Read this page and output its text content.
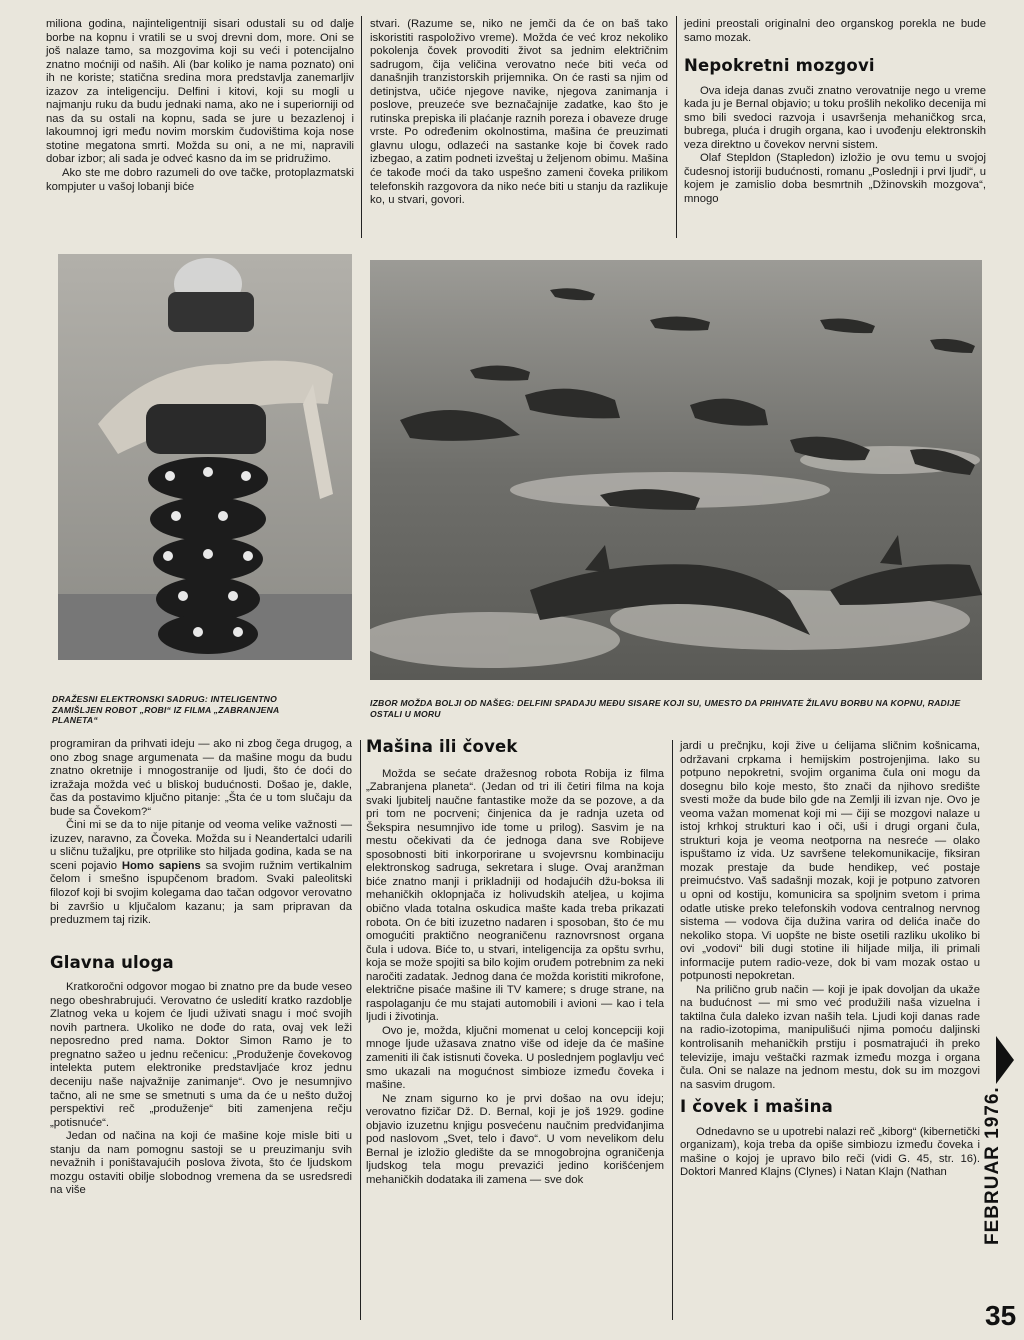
miliona godina, najinteligentniji sisari odustali su od dalje borbe na kopnu i vratili se u svoj drevni dom, more. Oni se još nalaze tamo, sa mozgovima koji su veći i potencijalno znatno moćniji od naših. Ali (bar koliko je nama poznato) oni ih ne koriste; statična sredina mora predstavlja zanemarljiv izazov za inteligenciju. Delfini i kitovi, koji su mogli u najmanju ruku da budu jednaki nama, ako ne i superiorniji od nas da su ostali na kopnu, sada se jure u bezazlenoj i lakoumnoj igri među novim morskim čudovištima koja nose stotine megatona smrti. Možda su oni, a ne mi, napravili dobar izbor; ali sada je odveć kasno da im se pridružimo.

Ako ste me dobro razumeli do ove tačke, protoplazmatski kompjuter u vašoj lobanji biće

stvari. (Razume se, niko ne jemči da će on baš tako iskoristiti raspoloživo vreme). Možda će već kroz nekoliko pokolenja čovek provoditi život sa jednim električnim sadrugom, čija veličina verovatno neće biti veća od današnjih tranzistorskih prijemnika. On će rasti sa njim od detinjstva, učiće njegove navike, njegova zanimanja i poslove, preuzeće sve beznačajnije zadatke, kao što je rutinska prepiska ili plaćanje raznih poreza i obaveze druge vrste. Po određenim okolnostima, mašina će preuzimati glavnu ulogu, odlazeći na sastanke koje bi čovek rado izbegao, a zatim podneti izveštaj u željenom obimu. Mašina će takođe moći da tako uspešno zameni čoveka prilikom telefonskih razgovora da niko neće biti u stanju da razlikuje ko, u stvari, govori.

jedini preostali originalni deo organskog porekla ne bude samo mozak.

Nepokretni mozgovi

Ova ideja danas zvuči znatno verovatnije nego u vreme kada ju je Bernal objavio; u toku prošlih nekoliko decenija mi smo bili svedoci razvoja i usavršenja mehaničkog srca, bubrega, pluća i drugih organa, kao i uvođenju elektronskih veza direktno u čovekov nervni sistem.

Olaf Stepldon (Stapledon) izložio je ovu temu u svojoj čudesnoj istoriji budućnosti, romanu „Poslednji i prvi ljudi“, u kojem je zamislio doba besmrtnih „Džinovskih mozgova“, mnogo

DRAŽESNI ELEKTRONSKI SADRUG: INTELIGENTNO ZAMIŠLJEN ROBOT „ROBI“ IZ FILMA „ZABRANJENA PLANETA“
IZBOR MOŽDA BOLJI OD NAŠEG: DELFINI SPADAJU MEĐU SISARE KOJI SU, UMESTO DA PRIHVATE ŽILAVU BORBU NA KOPNU, RADIJE OSTALI U MORU

programiran da prihvati ideju — ako ni zbog čega drugog, a ono zbog snage argumenata — da mašine mogu da budu znatno okretnije i mnogostranije od ljudi, što će doći do izražaja možda već u bliskoj budućnosti. Došao je, dakle, čas da postavimo ključno pitanje: „Šta će u tom slučaju da bude sa Čovekom?“

Čini mi se da to nije pitanje od veoma velike važnosti — izuzev, naravno, za Čoveka. Možda su i Neandertalci udarili u sličnu tužaljku, pre otprilike sto hiljada godina, kada se na sceni pojavio Homo sapiens sa svojim ružnim vertikalnim čelom i smešno ispupčenom bradom. Svaki paleolitski filozof koji bi svojim kolegama dao tačan odgovor verovatno bi završio u ključalom kazanu; ja sam pripravan da preduzmem taj rizik.

Glavna uloga

Kratkoročni odgovor mogao bi znatno pre da bude veseo nego obeshrabrujući. Verovatno će usledití kratko razdoblje Zlatnog veka u kojem će ljudi uživati snagu i moć svojih novih partnera. Ukoliko ne dođe do rata, ovaj vek leži neposredno pred nama. Doktor Simon Ramo je to pregnatno sažeo u jednu rečenicu: „Produženje čovekovog intelekta putem elektronike predstavljaće kroz jednu deceniju naše najvažnije zanimanje“. Ovo je nesumnjivo tačno, ali ne sme se smetnuti s uma da će u nešto dužoj perspektivi reč „produženje“ biti zamenjena rečju „potisnuće“.

Jedan od načina na koji će mašine koje misle biti u stanju da nam pomognu sastoji se u preuzimanju svih nevažnih i poništavajućih poslova života, što će ljudskom mozgu ostaviti obilje slobodnog vremena da se usredsredi na više

Mašina ili čovek

Možda se sećate dražesnog robota Robija iz filma „Zabranjena planeta“. (Jedan od tri ili četiri filma na koja svaki ljubitelj naučne fantastike može da se pozove, a da pri tom ne pocrveni; činjenica da je radnja uzeta od Šekspira nesumnjivo ide tome u prilog). Sasvim je na mestu očekivati da će jednoga dana sve Robijeve sposobnosti biti inkorporirane u svojevrsnu kombinaciju elektronskog sadruga, sekretara i sluge. Ovaj aranžman biće znatno manji i prikladniji od hodajućih džu-boksa ili mehaničkih oklopnjača iz holivudskih ateljea, u kojima obično vlada totalna oskudica mašte kada treba prikazati robota. On će biti izuzetno nadaren i sposoban, što će mu omogućiti praktično neograničenu raznovrsnost organa čula i udova. Biće to, u stvari, inteligencija za opštu svrhu, koja se može spojiti sa bilo kojim oruđem potrebnim za neki naročiti zadatak. Jednog dana će možda koristiti mikrofone, električne pisaće mašine ili TV kamere; s druge strane, na raspolaganju će mu stajati automobili i avioni — kao i tela ljudi i životinja.

Ovo je, možda, ključni momenat u celoj koncepciji koji mnoge ljude užasava znatno više od ideje da će mašine zameniti ili čak istisnuti čoveka. U poslednjem poglavlju već smo ukazali na mogućnost simbioze između čoveka i mašine.

Ne znam sigurno ko je prvi došao na ovu ideju; verovatno fizičar Dž. D. Bernal, koji je još 1929. godine objavio izuzetnu knjigu posvećenu naučnim predviđanjima pod naslovom „Svet, telo i đavo“. U vom nevelikom delu Bernal je izložio gledište da se mnogobrojna ograničenja ljudskog tela mogu prevazići jedino korišćenjem mehaničkih dodataka ili zamena — sve dok

jardi u prečnjku, koji živе u ćelijama sličnim košnicama, održavani crpkama i hemijskim postrojenjima. Iako su potpuno nepokretni, svojim organima čula oni mogu da dosegnu bilo koje mesto, što znači da njihovo središte svesti može da bude bilo gde na Zemlji ili izvan nje. Ovo je veoma važan momenat koji mi — čiji se mozgovi nalaze u istoj krhkoj strukturi kao i oči, uši i drugi organi čula, strukturi koja je veoma neotporna na nesreće — olako ispuštamo iz vida. Uz savršene telekomunikacije, fiksiran mozak prestaje da bude hendikep, već postaje preimućstvo. Vaš sadašnji mozak, koji je potpuno zatvoren u opni od kostiju, komunicira sa spoljnim svetom i prima odatle utiske preko telefonskih vodova centralnog nervnog sistema — vodova čija dužina varira od delića inače do nekoliko stopa. Vi uopšte ne biste osetili razliku ukoliko bi ovi „vodovi“ bili dugi stotine ili hiljade milja, ili primali informacije putem radio-veze, dok bi vam mozak ostao u potpunosti nepokretan.

Na prilično grub način — koji je ipak dovoljan da ukaže na budućnost — mi smo već produžili naša vizuelna i taktilna čula daleko izvan naših tela. Ljudi koji danas rade na radio-izotopima, manipulišući njima pomoću daljinski kontrolisanih mehaničkih prstiju i posmatrajući ih preko televizije, imaju veštački razmak između mozga i organa čula. Oni se nalaze na jednom mestu, dok su im mozgovi na sasvim drugom.

I čovek i mašina

Odnedavno se u upotrebi nalazi reč „kiborg“ (kibernetički organizam), koja treba da opiše simbiozu između čoveka i mašine o kojoj je upravo bilo reči (vidi G. 45, str. 16). Doktori Manred Klajns (Clynes) i Natan Klajn (Nathan	FEBRUAR 1976.
35
